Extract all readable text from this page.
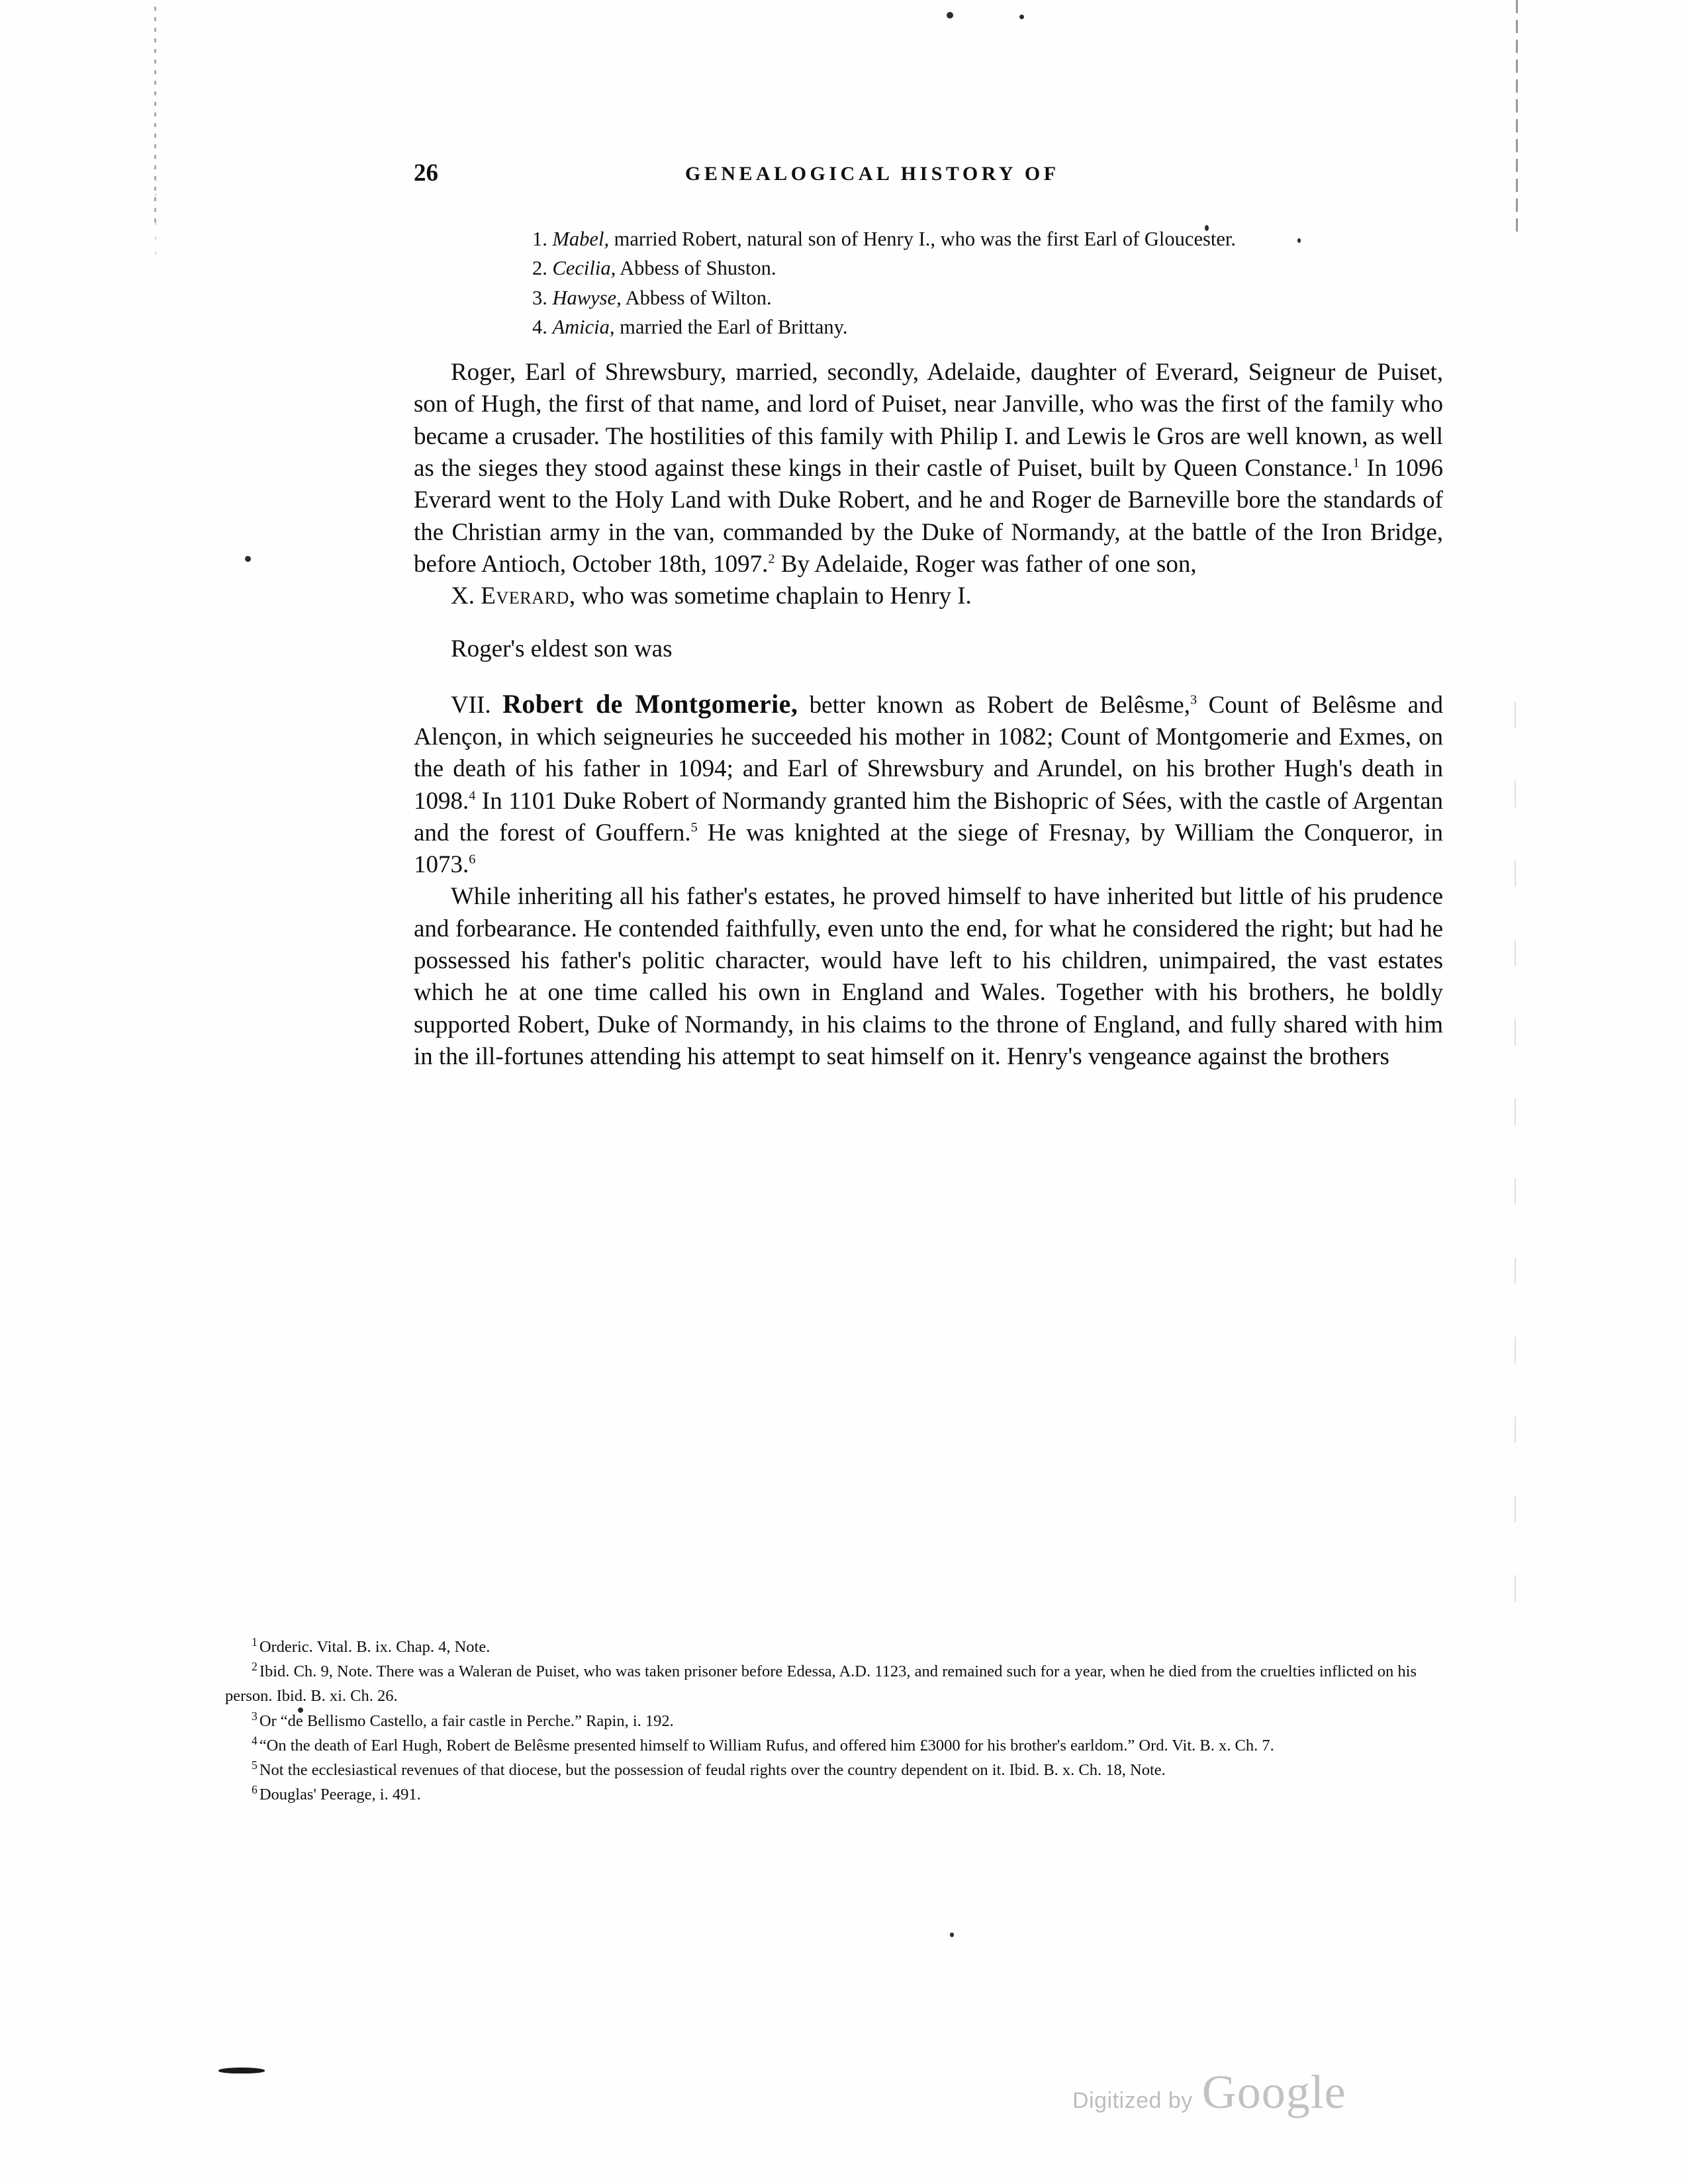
26	GENEALOGICAL HISTORY OF
1. Mabel, married Robert, natural son of Henry I., who was the first Earl of Gloucester.
2. Cecilia, Abbess of Shuston.
3. Hawyse, Abbess of Wilton.
4. Amicia, married the Earl of Brittany.

Roger, Earl of Shrewsbury, married, secondly, Adelaide, daughter of Everard, Seigneur de Puiset, son of Hugh, the first of that name, and lord of Puiset, near Janville, who was the first of the family who became a crusader. The hostilities of this family with Philip I. and Lewis le Gros are well known, as well as the sieges they stood against these kings in their castle of Puiset, built by Queen Constance.$^1$ In 1096 Everard went to the Holy Land with Duke Robert, and he and Roger de Barneville bore the standards of the Christian army in the van, commanded by the Duke of Normandy, at the battle of the Iron Bridge, before Antioch, October 18th, 1097.$^2$ By Adelaide, Roger was father of one son,

X. Everard, who was sometime chaplain to Henry I.

Roger's eldest son was

VII. Robert de Montgomerie, better known as Robert de Belêsme,$^3$ Count of Belêsme and Alençon, in which seigneuries he succeeded his mother in 1082; Count of Montgomerie and Exmes, on the death of his father in 1094; and Earl of Shrewsbury and Arundel, on his brother Hugh's death in 1098.$^4$ In 1101 Duke Robert of Normandy granted him the Bishopric of Sées, with the castle of Argentan and the forest of Gouffern.$^5$ He was knighted at the siege of Fresnay, by William the Conqueror, in 1073.$^6$

While inheriting all his father's estates, he proved himself to have inherited but little of his prudence and forbearance. He contended faithfully, even unto the end, for what he considered the right; but had he possessed his father's politic character, would have left to his children, unimpaired, the vast estates which he at one time called his own in England and Wales. Together with his brothers, he boldly supported Robert, Duke of Normandy, in his claims to the throne of England, and fully shared with him in the ill-fortunes attending his attempt to seat himself on it. Henry's vengeance against the brothers

$^1$ Orderic. Vital. B. ix. Chap. 4, Note.

$^2$ Ibid. Ch. 9, Note. There was a Waleran de Puiset, who was taken prisoner before Edessa, A.D. 1123, and remained such for a year, when he died from the cruelties inflicted on his person. Ibid. B. xi. Ch. 26.

$^3$ Or “de Bellismo Castello, a fair castle in Perche.” Rapin, i. 192.

$^4$ “On the death of Earl Hugh, Robert de Belêsme presented himself to William Rufus, and offered him £3000 for his brother's earldom.” Ord. Vit. B. x. Ch. 7.

$^5$ Not the ecclesiastical revenues of that diocese, but the possession of feudal rights over the country dependent on it. Ibid. B. x. Ch. 18, Note.

$^6$ Douglas' Peerage, i. 491.

Digitized by Google
